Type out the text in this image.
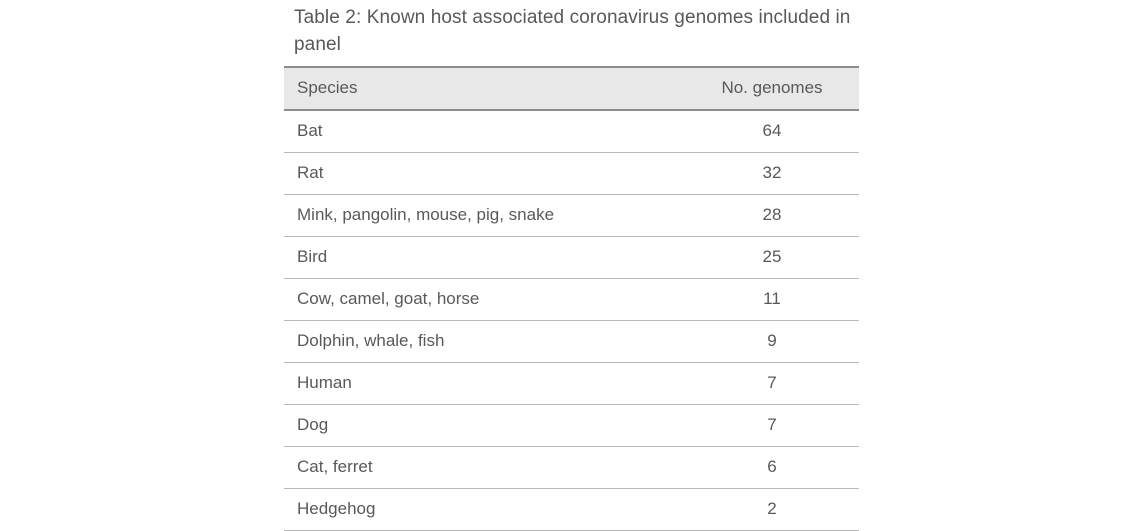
Table 2: Known host associated coronavirus genomes included in panel
Species	No. genomes
Bat	64
Rat	32
Mink, pangolin, mouse, pig, snake	28
Bird	25
Cow, camel, goat, horse	11
Dolphin, whale, fish	9
Human	7
Dog	7
Cat, ferret	6
Hedgehog	2
